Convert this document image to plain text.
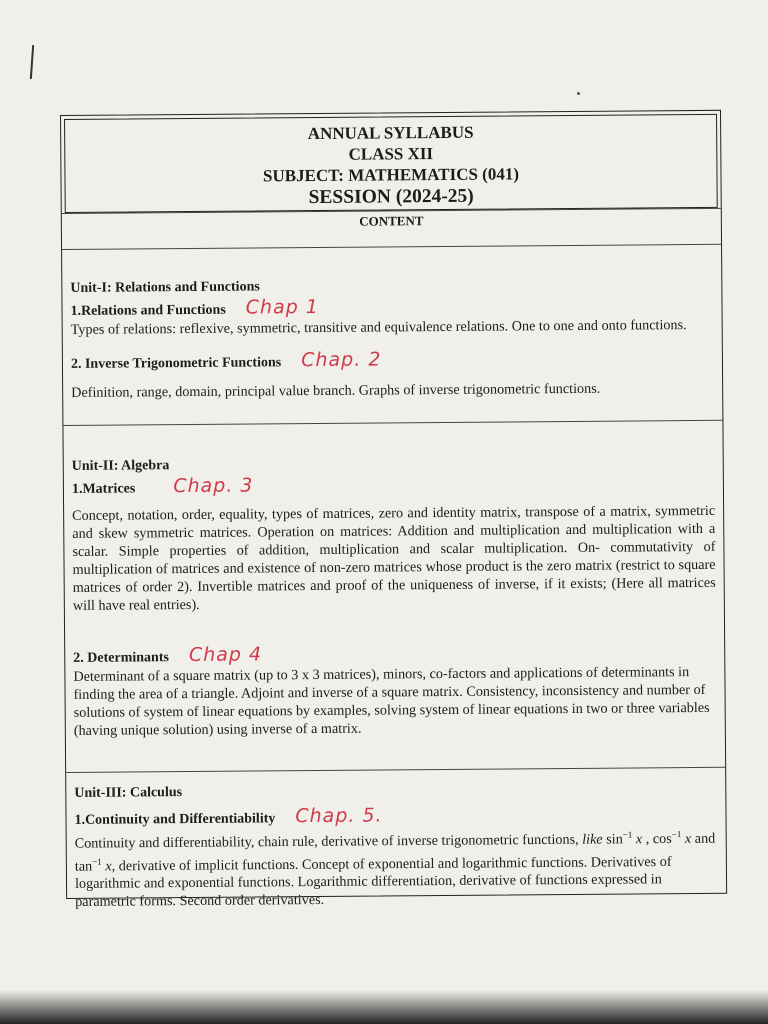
ANNUAL SYLLABUS
CLASS XII
SUBJECT: MATHEMATICS (041)
SESSION (2024-25)
CONTENT
Unit-I: Relations and Functions
1.Relations and Functions Chap 1
Types of relations: reflexive, symmetric, transitive and equivalence relations. One to one and onto functions.
2. Inverse Trigonometric Functions Chap. 2
Definition, range, domain, principal value branch. Graphs of inverse trigonometric functions.
Unit-II: Algebra
1.Matrices Chap. 3
Concept, notation, order, equality, types of matrices, zero and identity matrix, transpose of a matrix, symmetric and skew symmetric matrices. Operation on matrices: Addition and multiplication and multiplication with a scalar. Simple properties of addition, multiplication and scalar multiplication. On- commutativity of multiplication of matrices and existence of non-zero matrices whose product is the zero matrix (restrict to square matrices of order 2). Invertible matrices and proof of the uniqueness of inverse, if it exists; (Here all matrices will have real entries).
2. Determinants Chap 4
Determinant of a square matrix (up to 3 x 3 matrices), minors, co-factors and applications of determinants in finding the area of a triangle. Adjoint and inverse of a square matrix. Consistency, inconsistency and number of solutions of system of linear equations by examples, solving system of linear equations in two or three variables (having unique solution) using inverse of a matrix.
Unit-III: Calculus
1.Continuity and Differentiability Chap. 5.
Continuity and differentiability, chain rule, derivative of inverse trigonometric functions, like $\sin^{-1} x$ , $\cos^{-1} x$ and $\tan^{-1} x$, derivative of implicit functions. Concept of exponential and logarithmic functions. Derivatives of logarithmic and exponential functions. Logarithmic differentiation, derivative of functions expressed in parametric forms. Second order derivatives.
